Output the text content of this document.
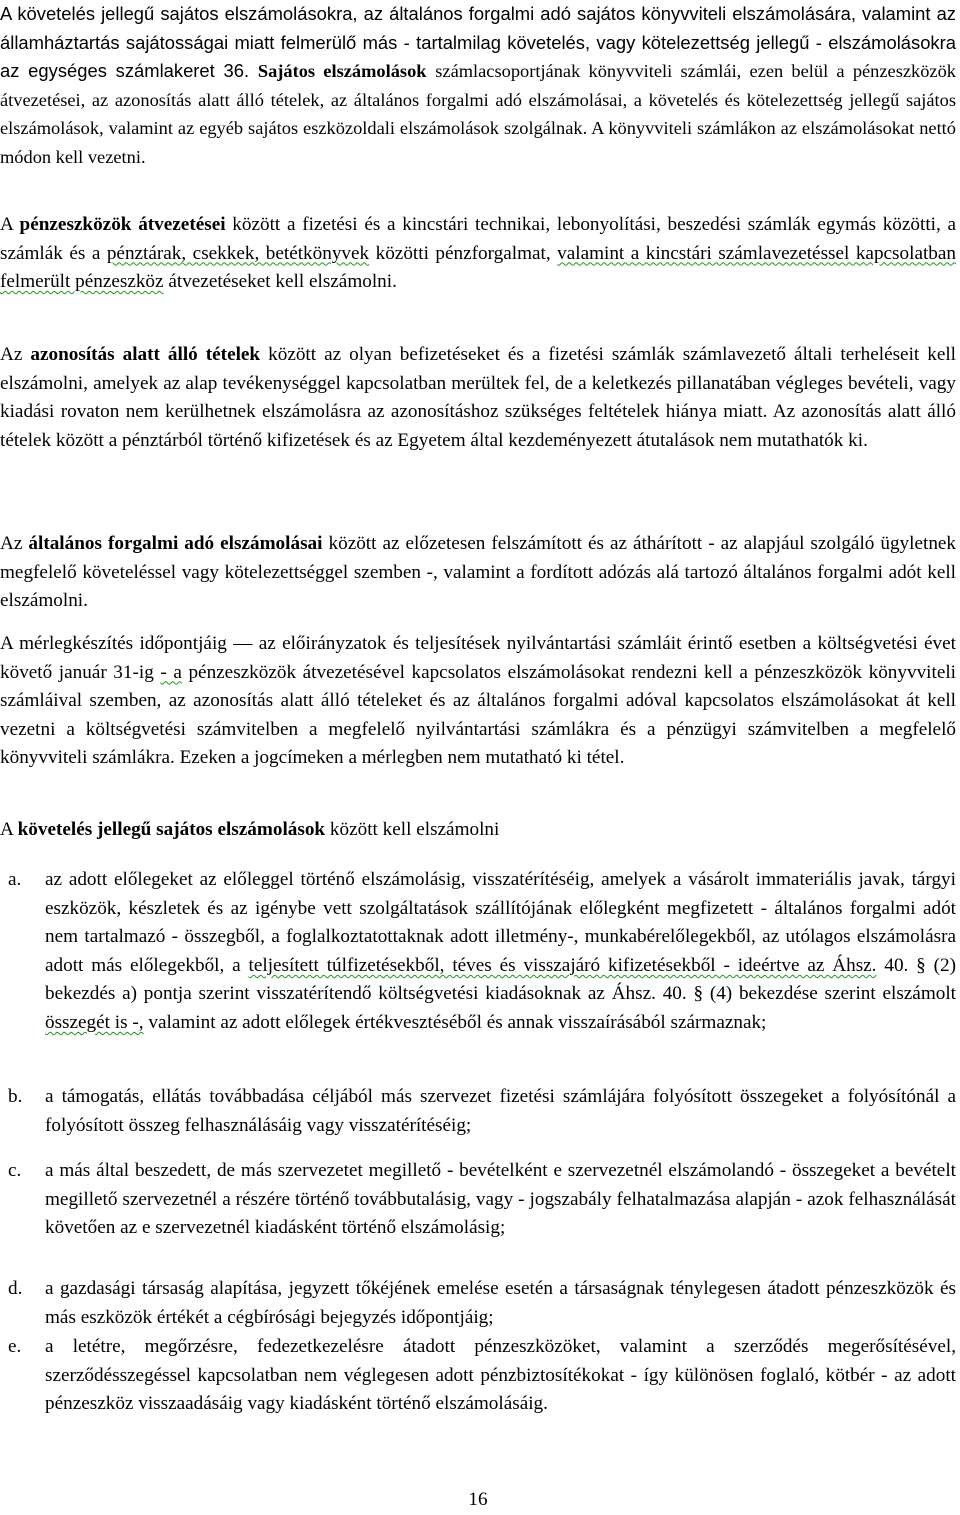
A követelés jellegű sajátos elszámolásokra, az általános forgalmi adó sajátos könyvviteli elszámolására, valamint az államháztartás sajátosságai miatt felmerülő más - tartalmilag követelés, vagy kötelezettség jellegű - elszámolásokra az egységes számlakeret 36. Sajátos elszámolások számlacsoportjának könyvviteli számlái, ezen belül a pénzeszközök átvezetései, az azonosítás alatt álló tételek, az általános forgalmi adó elszámolásai, a követelés és kötelezettség jellegű sajátos elszámolások, valamint az egyéb sajátos eszközoldali elszámolások szolgálnak. A könyvviteli számlákon az elszámolásokat nettó módon kell vezetni.
A pénzeszközök átvezetései között a fizetési és a kincstári technikai, lebonyolítási, beszedési számlák egymás közötti, a számlák és a pénztárak, csekkek, betétkönyvek közötti pénzforgalmat, valamint a kincstári számlavezetéssel kapcsolatban felmerült pénzeszköz átvezetéseket kell elszámolni.
Az azonosítás alatt álló tételek között az olyan befizetéseket és a fizetési számlák számlavezető általi terheléseit kell elszámolni, amelyek az alap tevékenységgel kapcsolatban merültek fel, de a keletkezés pillanatában végleges bevételi, vagy kiadási rovaton nem kerülhetnek elszámolásra az azonosításhoz szükséges feltételek hiánya miatt. Az azonosítás alatt álló tételek között a pénztárból történő kifizetések és az Egyetem által kezdeményezett átutalások nem mutathatók ki.
Az általános forgalmi adó elszámolásai között az előzetesen felszámított és az áthárított - az alapjául szolgáló ügyletnek megfelelő követeléssel vagy kötelezettséggel szemben -, valamint a fordított adózás alá tartozó általános forgalmi adót kell elszámolni.
A mérlegkészítés időpontjáig — az előirányzatok és teljesítések nyilvántartási számláit érintő esetben a költségvetési évet követő január 31-ig - a pénzeszközök átvezetésével kapcsolatos elszámolásokat rendezni kell a pénzeszközök könyvviteli számláival szemben, az azonosítás alatt álló tételeket és az általános forgalmi adóval kapcsolatos elszámolásokat át kell vezetni a költségvetési számvitelben a megfelelő nyilvántartási számlákra és a pénzügyi számvitelben a megfelelő könyvviteli számlákra. Ezeken a jogcímeken a mérlegben nem mutatható ki tétel.
A követelés jellegű sajátos elszámolások között kell elszámolni
a. az adott előlegeket az előleggel történő elszámolásig, visszatérítéséig, amelyek a vásárolt immateriális javak, tárgyi eszközök, készletek és az igénybe vett szolgáltatások szállítójának előlegként megfizetett - általános forgalmi adót nem tartalmazó - összegből, a foglalkoztatottaknak adott illetmény-, munkabérelőlegekből, az utólagos elszámolásra adott más előlegekből, a teljesített túlfizetésekből, téves és visszajáró kifizetésekből - ideértve az Áhsz. 40. § (2) bekezdés a) pontja szerint visszatérítendő költségvetési kiadásoknak az Áhsz. 40. § (4) bekezdése szerint elszámolt összegét is -, valamint az adott előlegek értékvesztéséből és annak visszaírásából származnak;
b. a támogatás, ellátás továbbadása céljából más szervezet fizetési számlájára folyósított összegeket a folyósítónál a folyósított összeg felhasználásáig vagy visszatérítéséig;
c. a más által beszedett, de más szervezetet megillető - bevételként e szervezetnél elszámolandó - összegeket a bevételt megillető szervezetnél a részére történő továbbutalásig, vagy - jogszabály felhatalmazása alapján - azok felhasználását követően az e szervezetnél kiadásként történő elszámolásig;
d. a gazdasági társaság alapítása, jegyzett tőkéjének emelése esetén a társaságnak ténylegesen átadott pénzeszközök és más eszközök értékét a cégbírósági bejegyzés időpontjáig;
e. a letétre, megőrzésre, fedezetkezelésre átadott pénzeszközöket, valamint a szerződés megerősítésével, szerződésszegéssel kapcsolatban nem véglegesen adott pénzbiztosítékokat - így különösen foglaló, kötbér - az adott pénzeszköz visszaadásáig vagy kiadásként történő elszámolásáig.
16
